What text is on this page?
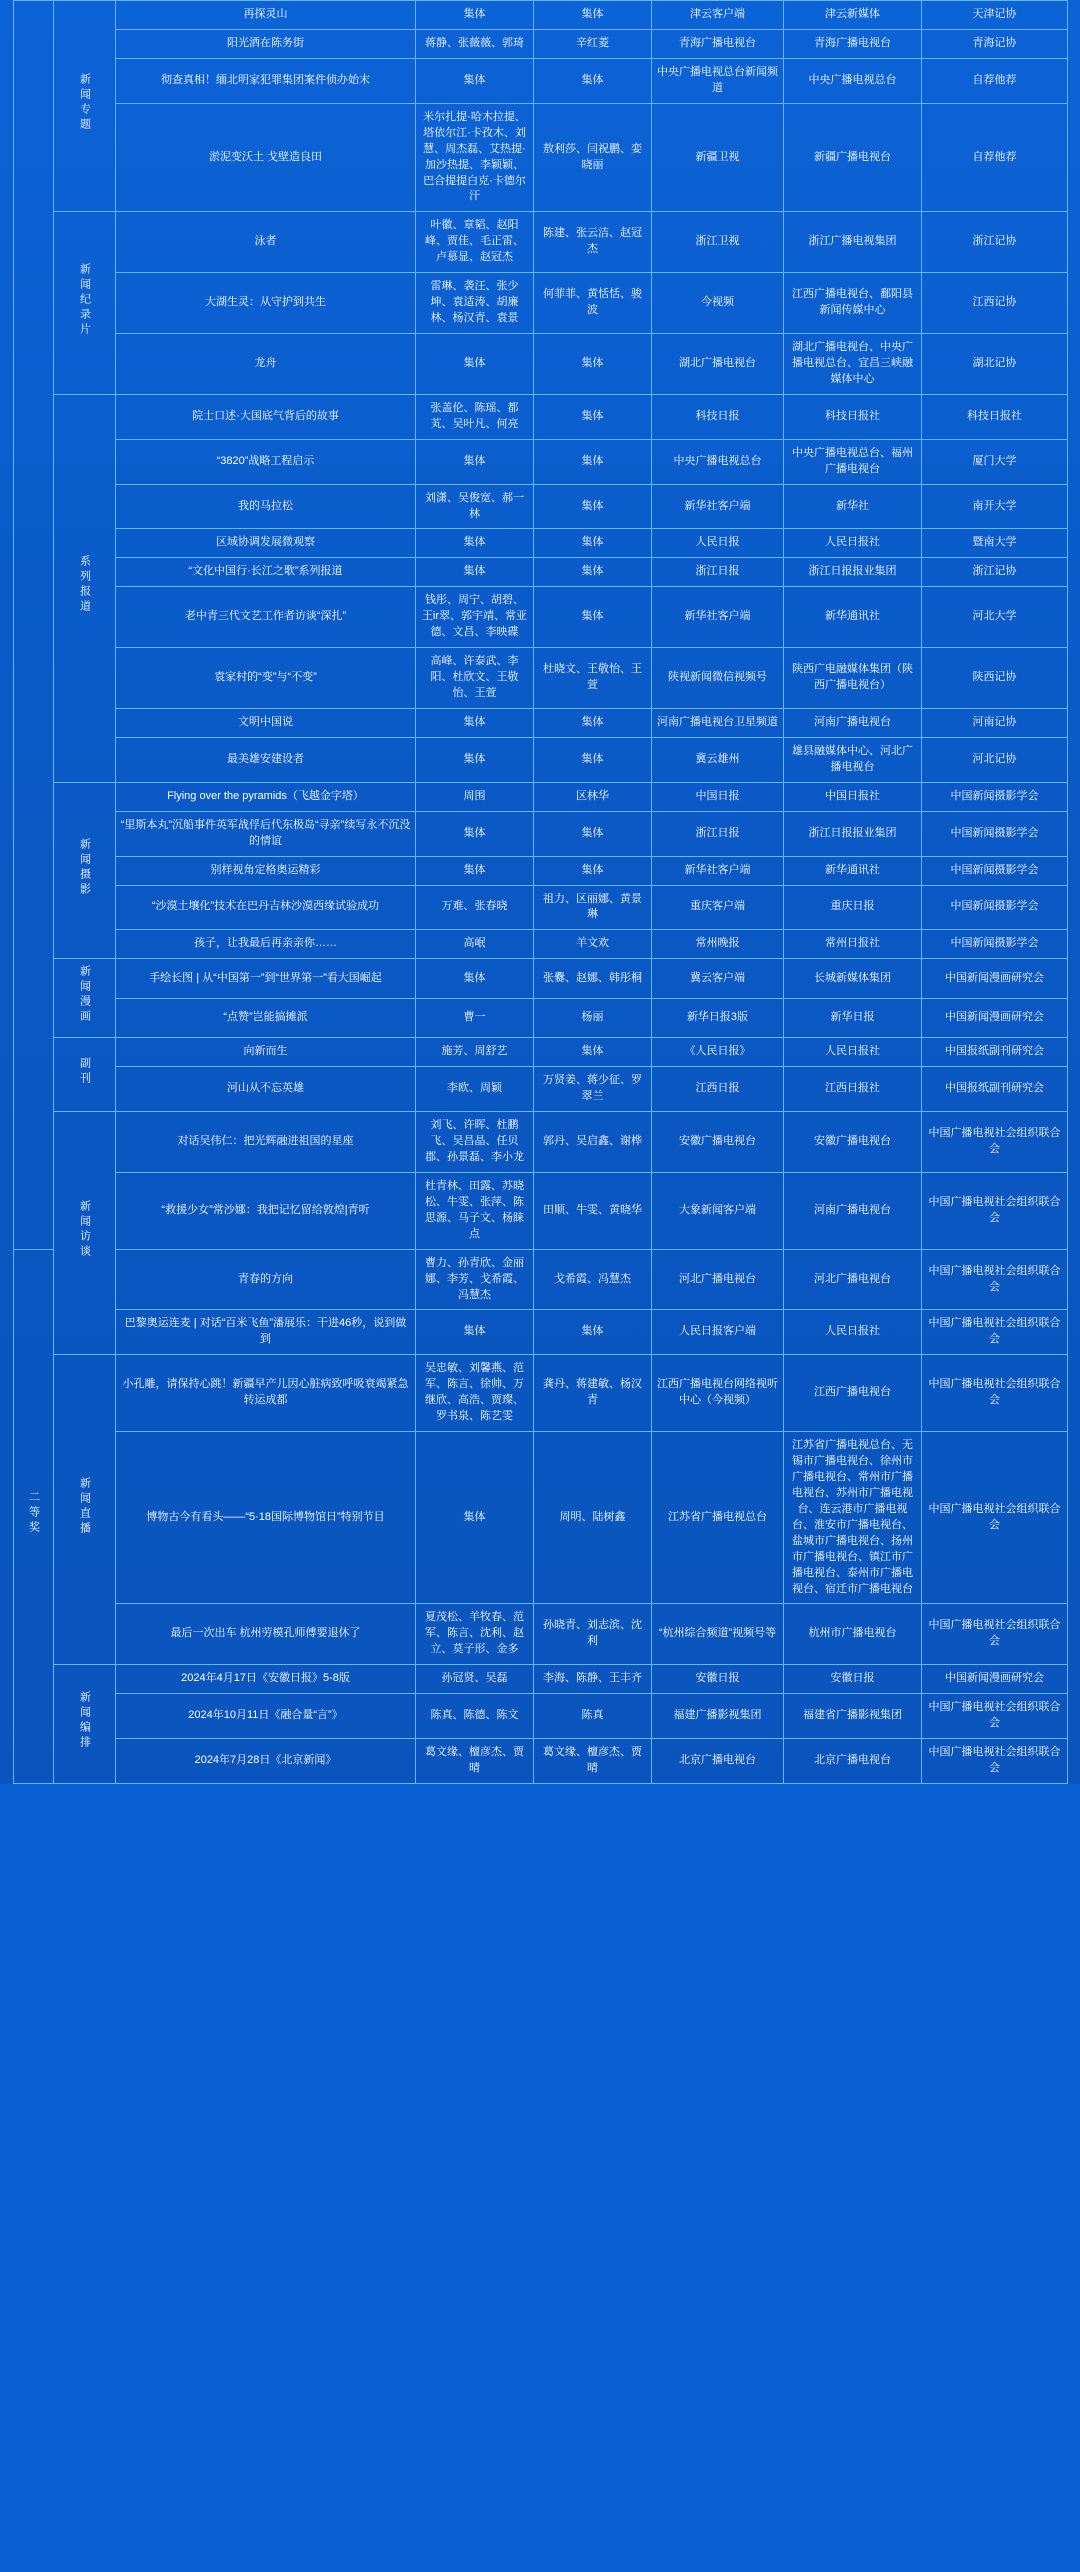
	新闻专题	再探灵山	集体	集体	津云客户端	津云新媒体	天津记协
		阳光洒在陈务街	蒋静、张薇薇、郭琦	辛红菱	青海广播电视台	青海广播电视台	青海记协
		彻查真相！缅北明家犯罪集团案件侦办始末	集体	集体	中央广播电视总台新闻频道	中央广播电视总台	自荐他荐
		淤泥变沃土 戈壁造良田	米尔扎提·哈木拉提、塔依尔江·卡孜木、刘慧、周杰磊、艾热提·加沙热提、李颖颖、巴合提提白克·卡德尔汗	敖利莎、闫祝鹏、娈晓丽	新疆卫视	新疆广播电视台	自荐他荐
	新闻纪录片	泳者	叶徽、章韬、赵阳峰、贾佳、毛正雷、卢慕显、赵冠杰	陈建、张云洁、赵冠杰	浙江卫视	浙江广播电视集团	浙江记协
		大湖生灵：从守护到共生	雷琳、袭汪、张少坤、袁适涛、胡廉林、杨汉青、袁景	何菲菲、黄恬恬、骏波	今视频	江西广播电视台、鄱阳县新闻传媒中心	江西记协
		龙舟	集体	集体	湖北广播电视台	湖北广播电视台、中央广播电视总台、宜昌三峡融媒体中心	湖北记协
	系列报道	院士口述·大国底气背后的故事	张盖伦、陈瑶、都芄、吴叶凡、何亮	集体	科技日报	科技日报社	科技日报社
		“3820”战略工程启示	集体	集体	中央广播电视总台	中央广播电视总台、福州广播电视台	厦门大学
		我的马拉松	刘潇、吴俊宽、郝一林	集体	新华社客户端	新华社	南开大学
		区域协调发展微观察	集体	集体	人民日报	人民日报社	暨南大学
		“文化中国行·长江之歌”系列报道	集体	集体	浙江日报	浙江日报报业集团	浙江记协
		老中青三代文艺工作者访谈“深扎”	钱彤、周宁、胡碧、王ir翠、郭宇靖、常亚德、文昌、李映碟	集体	新华社客户端	新华通讯社	河北大学
		袁家村的“变”与“不变”	高峰、许泰武、李阳、杜欣文、王敬怡、王萱	杜晓文、王敬怡、王萱	陕视新闻微信视频号	陕西广电融媒体集团（陕西广播电视台）	陕西记协
		文明中国说	集体	集体	河南广播电视台卫星频道	河南广播电视台	河南记协
		最美雄安建设者	集体	集体	冀云雄州	雄县融媒体中心、河北广播电视台	河北记协
	新闻摄影	Flying over the pyramids（飞越金字塔）	周围	区林华	中国日报	中国日报社	中国新闻摄影学会
		“里斯本丸”沉船事件英军战俘后代东极岛“寻亲”续写永不沉没的情谊	集体	集体	浙江日报	浙江日报报业集团	中国新闻摄影学会
		别样视角定格奥运精彩	集体	集体	新华社客户端	新华通讯社	中国新闻摄影学会
		“沙漠土壤化”技术在巴丹吉林沙漠西缘试验成功	万难、张春晓	祖力、区丽娜、黄景琳	重庆客户端	重庆日报	中国新闻摄影学会
		孩子，让我最后再亲亲你……	高岷	羊文欢	常州晚报	常州日报社	中国新闻摄影学会
	新闻漫画	手绘长图 | 从“中国第一”到“世界第一”看大国崛起	集体	张爨、赵娜、韩彤桐	冀云客户端	长城新媒体集团	中国新闻漫画研究会
		“点赞”岂能搞摊派	曹一	杨丽	新华日报3版	新华日报	中国新闻漫画研究会
	副刊	向新而生	施芳、周舒艺	集体	《人民日报》	人民日报社	中国报纸副刊研究会
		河山从不忘英雄	李欧、周颖	万贤姜、蒋少征、罗翠兰	江西日报	江西日报社	中国报纸副刊研究会
	新闻访谈	对话吴伟仁：把光辉融进祖国的星座	刘飞、许晖、杜鹏飞、吴昌晶、任贝郡、孙景磊、李小龙	郭丹、吴启鑫、谢桦	安徽广播电视台	安徽广播电视台	中国广播电视社会组织联合会
		“救援少女”常沙娜：我把记忆留给敦煌|青听	杜青林、田露、苏晓松、牛雯、张萍、陈思源、马子文、杨睐点	田顺、牛雯、黄晓华	大象新闻客户端	河南广播电视台	中国广播电视社会组织联合会
二等奖		青春的方向	曹力、孙青欣、金丽娜、李芳、戈希霞、冯慧杰	戈希霞、冯慧杰	河北广播电视台	河北广播电视台	中国广播电视社会组织联合会
		巴黎奥运连麦 | 对话“百米飞鱼”潘展乐：干进46秒，说到做到	集体	集体	人民日报客户端	人民日报社	中国广播电视社会组织联合会
	新闻直播	小孔雕，请保持心跳！新疆早产儿因心脏病致呼吸衰竭紧急转运成都	吴忠敏、刘馨燕、范军、陈言、徐帅、万继欣、高浩、贾璨、罗书泉、陈艺雯	龚丹、蒋建敏、杨汉青	江西广播电视台网络视听中心（今视频）	江西广播电视台	中国广播电视社会组织联合会
		博物古今有看头——“5·18国际博物馆日”特别节目	集体	周明、陆树鑫	江苏省广播电视总台	江苏省广播电视总台、无锡市广播电视台、徐州市广播电视台、常州市广播电视台、苏州市广播电视台、连云港市广播电视台、淮安市广播电视台、盐城市广播电视台、扬州市广播电视台、镇江市广播电视台、泰州市广播电视台、宿迁市广播电视台	中国广播电视社会组织联合会
		最后一次出车 杭州劳模孔师傅要退休了	夏茂松、羊牧春、范军、陈言、沈利、赵立、莫子形、金多	孙晓青、刘志滨、沈利	“杭州综合频道”视频号等	杭州市广播电视台	中国广播电视社会组织联合会
	新闻编排	2024年4月17日《安徽日报》5-8版	孙冠贤、吴磊	李海、陈静、王丰齐	安徽日报	安徽日报	中国新闻漫画研究会
		2024年10月11日《融合量“言”》	陈真、陈德、陈文	陈真	福建广播影视集团	福建省广播影视集团	中国广播电视社会组织联合会
		2024年7月28日《北京新闻》	葛文缘、檀彦杰、贾晴	葛文缘、檀彦杰、贾晴	北京广播电视台	北京广播电视台	中国广播电视社会组织联合会
